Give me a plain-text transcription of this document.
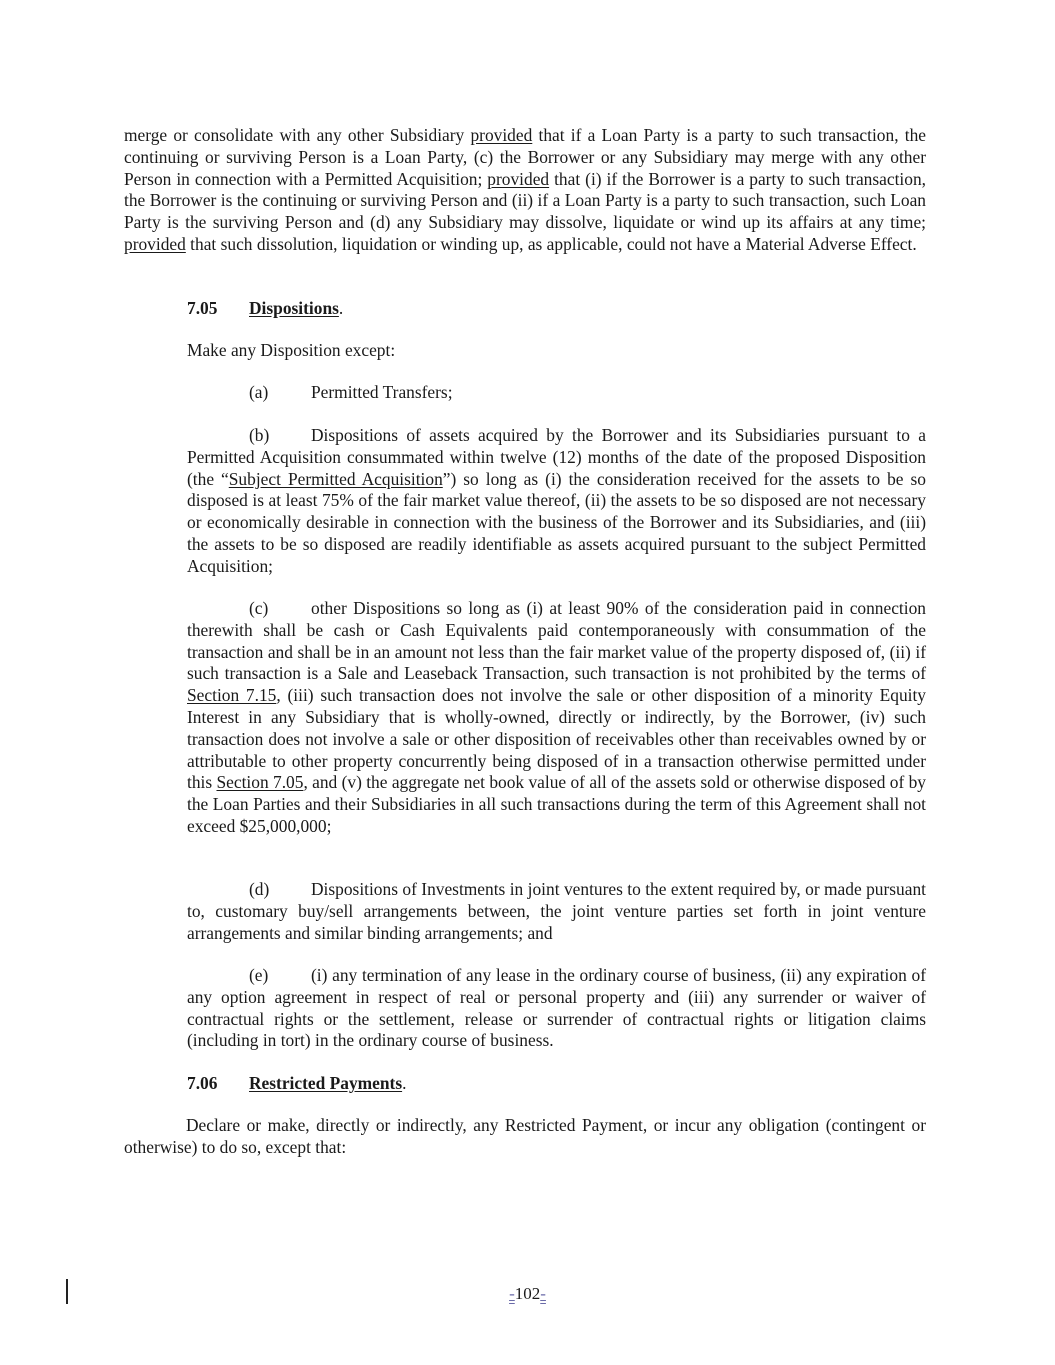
merge or consolidate with any other Subsidiary provided that if a Loan Party is a party to such transaction, the continuing or surviving Person is a Loan Party, (c) the Borrower or any Subsidiary may merge with any other Person in connection with a Permitted Acquisition; provided that (i) if the Borrower is a party to such transaction, the Borrower is the continuing or surviving Person and (ii) if a Loan Party is a party to such transaction, such Loan Party is the surviving Person and (d) any Subsidiary may dissolve, liquidate or wind up its affairs at any time; provided that such dissolution, liquidation or winding up, as applicable, could not have a Material Adverse Effect.

7.05 Dispositions.

Make any Disposition except:

(a) Permitted Transfers;

(b) Dispositions of assets acquired by the Borrower and its Subsidiaries pursuant to a Permitted Acquisition consummated within twelve (12) months of the date of the proposed Disposition (the “Subject Permitted Acquisition”) so long as (i) the consideration received for the assets to be so disposed is at least 75% of the fair market value thereof, (ii) the assets to be so disposed are not necessary or economically desirable in connection with the business of the Borrower and its Subsidiaries, and (iii) the assets to be so disposed are readily identifiable as assets acquired pursuant to the subject Permitted Acquisition;

(c) other Dispositions so long as (i) at least 90% of the consideration paid in connection therewith shall be cash or Cash Equivalents paid contemporaneously with consummation of the transaction and shall be in an amount not less than the fair market value of the property disposed of, (ii) if such transaction is a Sale and Leaseback Transaction, such transaction is not prohibited by the terms of Section 7.15, (iii) such transaction does not involve the sale or other disposition of a minority Equity Interest in any Subsidiary that is wholly-owned, directly or indirectly, by the Borrower, (iv) such transaction does not involve a sale or other disposition of receivables other than receivables owned by or attributable to other property concurrently being disposed of in a transaction otherwise permitted under this Section 7.05, and (v) the aggregate net book value of all of the assets sold or otherwise disposed of by the Loan Parties and their Subsidiaries in all such transactions during the term of this Agreement shall not exceed $25,000,000;

(d) Dispositions of Investments in joint ventures to the extent required by, or made pursuant to, customary buy/sell arrangements between, the joint venture parties set forth in joint venture arrangements and similar binding arrangements; and

(e) (i) any termination of any lease in the ordinary course of business, (ii) any expiration of any option agreement in respect of real or personal property and (iii) any surrender or waiver of contractual rights or the settlement, release or surrender of contractual rights or litigation claims (including in tort) in the ordinary course of business.

7.06 Restricted Payments.

Declare or make, directly or indirectly, any Restricted Payment, or incur any obligation (contingent or otherwise) to do so, except that:

-102-
